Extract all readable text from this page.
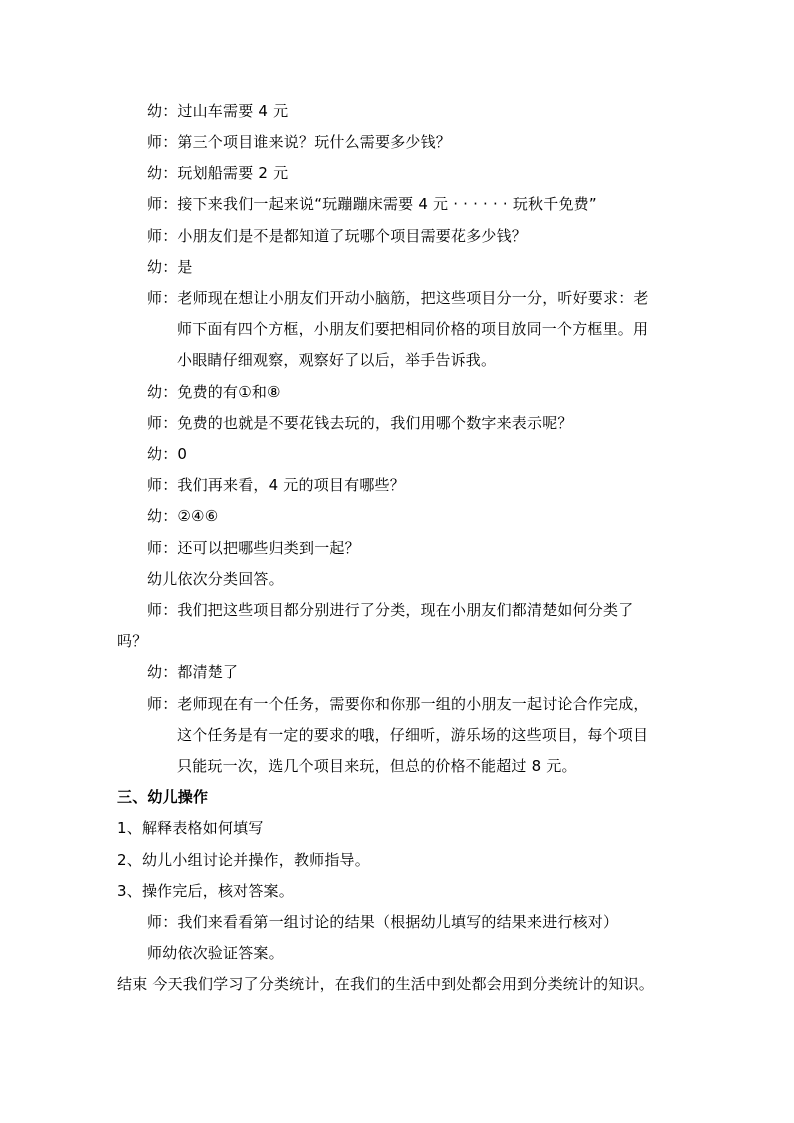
幼：过山车需要 4 元
师：第三个项目谁来说？玩什么需要多少钱？
幼：玩划船需要 2 元
师：接下来我们一起来说“玩蹦蹦床需要 4 元 · · · · · · 玩秋千免费”
师：小朋友们是不是都知道了玩哪个项目需要花多少钱？
幼：是
师：老师现在想让小朋友们开动小脑筋，把这些项目分一分，听好要求：老
师下面有四个方框，小朋友们要把相同价格的项目放同一个方框里。用
小眼睛仔细观察，观察好了以后，举手告诉我。
幼：免费的有①和⑧
师：免费的也就是不要花钱去玩的，我们用哪个数字来表示呢？
幼：0
师：我们再来看，4 元的项目有哪些？
幼：②④⑥
师：还可以把哪些归类到一起？
幼儿依次分类回答。
师：我们把这些项目都分别进行了分类，现在小朋友们都清楚如何分类了
吗？
幼：都清楚了
师：老师现在有一个任务，需要你和你那一组的小朋友一起讨论合作完成，
这个任务是有一定的要求的哦，仔细听，游乐场的这些项目，每个项目
只能玩一次，选几个项目来玩，但总的价格不能超过 8 元。
三、幼儿操作
1、解释表格如何填写
2、幼儿小组讨论并操作，教师指导。
3、操作完后，核对答案。
师：我们来看看第一组讨论的结果（根据幼儿填写的结果来进行核对）
师幼依次验证答案。
结束 今天我们学习了分类统计，在我们的生活中到处都会用到分类统计的知识。
